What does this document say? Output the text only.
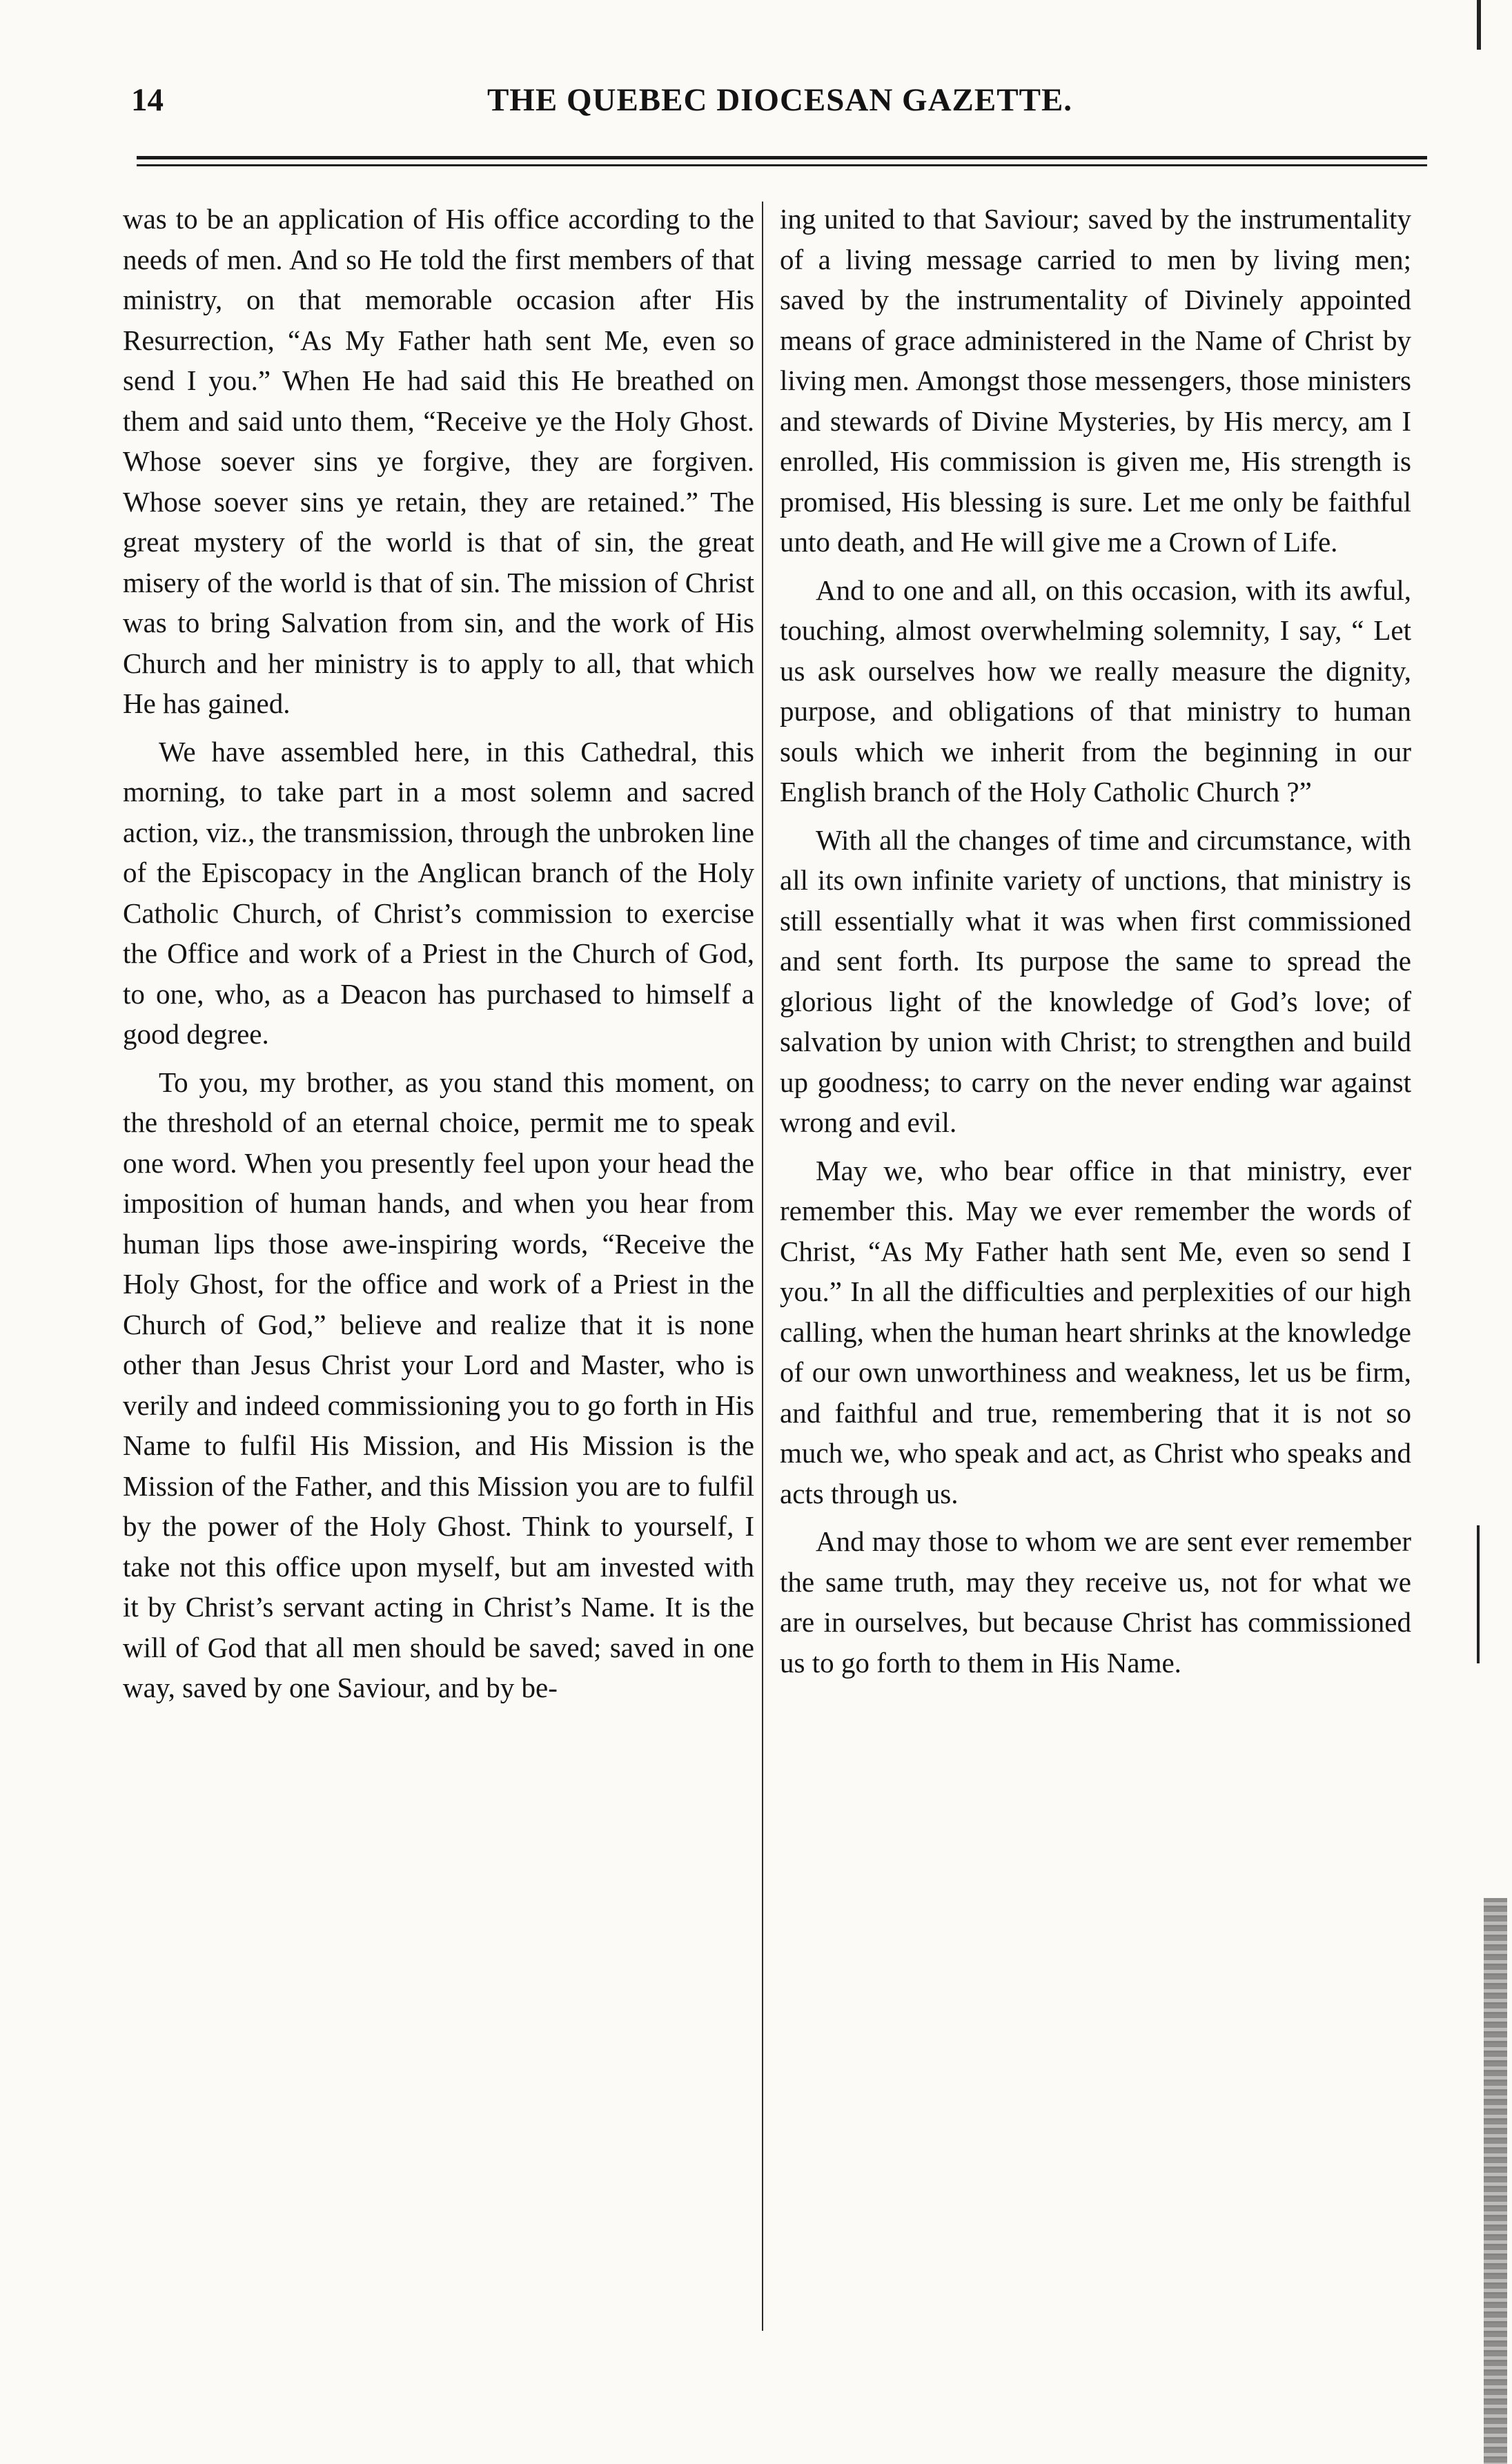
14	THE QUEBEC DIOCESAN GAZETTE.

was to be an application of His office according to the needs of men. And so He told the first members of that ministry, on that memorable occasion after His Resurrection, “As My Father hath sent Me, even so send I you.” When He had said this He breathed on them and said unto them, “Receive ye the Holy Ghost. Whose soever sins ye forgive, they are forgiven. Whose soever sins ye retain, they are retained.” The great mystery of the world is that of sin, the great misery of the world is that of sin. The mission of Christ was to bring Salvation from sin, and the work of His Church and her ministry is to apply to all, that which He has gained.

We have assembled here, in this Cathedral, this morning, to take part in a most solemn and sacred action, viz., the transmission, through the unbroken line of the Episcopacy in the Anglican branch of the Holy Catholic Church, of Christ’s commission to exercise the Office and work of a Priest in the Church of God, to one, who, as a Deacon has purchased to himself a good degree.

To you, my brother, as you stand this moment, on the threshold of an eternal choice, permit me to speak one word. When you presently feel upon your head the imposition of human hands, and when you hear from human lips those awe-inspiring words, “Receive the Holy Ghost, for the office and work of a Priest in the Church of God,” believe and realize that it is none other than Jesus Christ your Lord and Master, who is verily and indeed commissioning you to go forth in His Name to fulfil His Mission, and His Mission is the Mission of the Father, and this Mission you are to fulfil by the power of the Holy Ghost. Think to yourself, I take not this office upon myself, but am invested with it by Christ’s servant acting in Christ’s Name. It is the will of God that all men should be saved; saved in one way, saved by one Saviour, and by be-

ing united to that Saviour; saved by the instrumentality of a living message carried to men by living men; saved by the instrumentality of Divinely appointed means of grace administered in the Name of Christ by living men. Amongst those messengers, those ministers and stewards of Divine Mysteries, by His mercy, am I enrolled, His commission is given me, His strength is promised, His blessing is sure. Let me only be faithful unto death, and He will give me a Crown of Life.

And to one and all, on this occasion, with its awful, touching, almost overwhelming solemnity, I say, “ Let us ask ourselves how we really measure the dignity, purpose, and obligations of that ministry to human souls which we inherit from the beginning in our English branch of the Holy Catholic Church ?”

With all the changes of time and circumstance, with all its own infinite variety of unctions, that ministry is still essentially what it was when first commissioned and sent forth. Its purpose the same to spread the glorious light of the knowledge of God’s love; of salvation by union with Christ; to strengthen and build up goodness; to carry on the never ending war against wrong and evil.

May we, who bear office in that ministry, ever remember this. May we ever remember the words of Christ, “As My Father hath sent Me, even so send I you.” In all the difficulties and perplexities of our high calling, when the human heart shrinks at the knowledge of our own unworthiness and weakness, let us be firm, and faithful and true, remembering that it is not so much we, who speak and act, as Christ who speaks and acts through us.

And may those to whom we are sent ever remember the same truth, may they receive us, not for what we are in ourselves, but because Christ has commissioned us to go forth to them in His Name.
